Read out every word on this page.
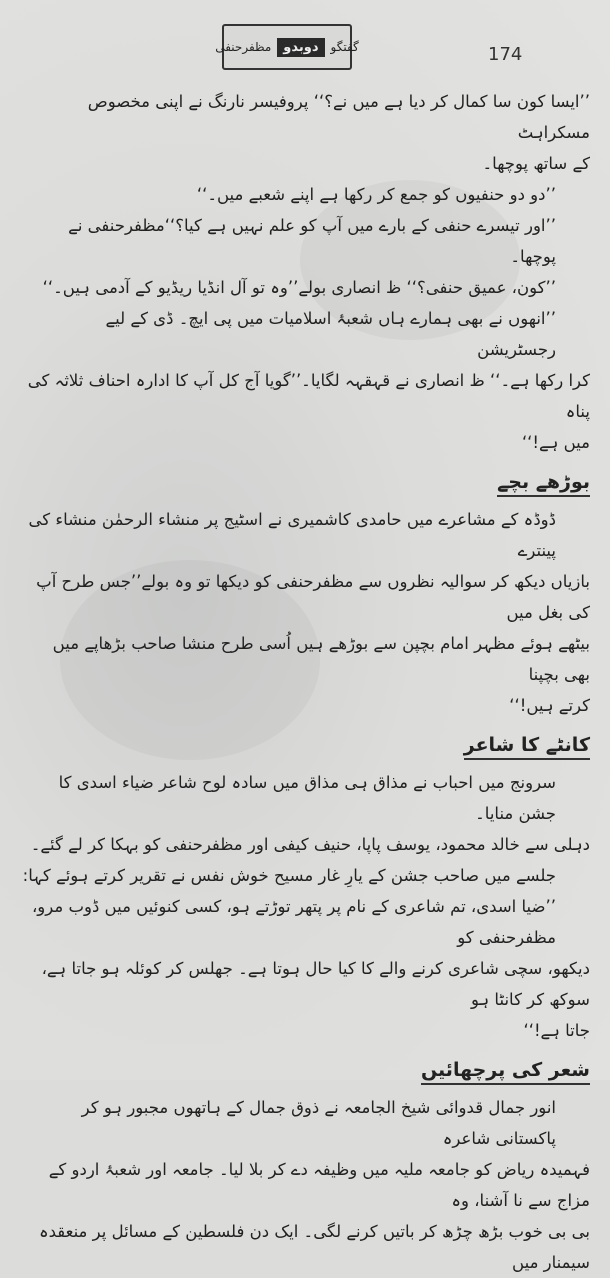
گفتگو
دوبدو
مظفرحنفی	174

’’ایسا کون سا کمال کر دیا ہے میں نے؟‘‘ پروفیسر نارنگ نے اپنی مخصوص مسکراہٹ

کے ساتھ پوچھا۔

’’دو دو حنفیوں کو جمع کر رکھا ہے اپنے شعبے میں۔‘‘

’’اور تیسرے حنفی کے بارے میں آپ کو علم نہیں ہے کیا؟‘‘مظفرحنفی نے پوچھا۔

’’کون، عمیق حنفی؟‘‘ ظ انصاری بولے’’وہ تو آل انڈیا ریڈیو کے آدمی ہیں۔‘‘

’’انھوں نے بھی ہمارے ہاں شعبۂ اسلامیات میں پی ایچ۔ ڈی کے لیے رجسٹریشن

کرا رکھا ہے۔‘‘ ظ انصاری نے قہقہہ لگایا۔’’گویا آج کل آپ کا ادارہ احناف ثلاثہ کی پناہ

میں ہے!‘‘

بوڑھے بچے

ڈوڈہ کے مشاعرے میں حامدی کاشمیری نے اسٹیج پر منشاء الرحمٰن منشاء کی پینترے

بازیاں دیکھ کر سوالیہ نظروں سے مظفرحنفی کو دیکھا تو وہ بولے’’جس طرح آپ کی بغل میں

بیٹھے ہوئے مظہر امام بچپن سے بوڑھے ہیں اُسی طرح منشا صاحب بڑھاپے میں بھی بچپنا

کرتے ہیں!‘‘

کانٹے کا شاعر

سرونج میں احباب نے مذاق ہی مذاق میں سادہ لوح شاعر ضیاء اسدی کا جشن منایا۔

دہلی سے خالد محمود، یوسف پاپا، حنیف کیفی اور مظفرحنفی کو بہکا کر لے گئے۔

جلسے میں صاحب جشن کے یارِ غار مسیح خوش نفس نے تقریر کرتے ہوئے کہا:

’’ضیا اسدی، تم شاعری کے نام پر پتھر توڑتے ہو، کسی کنوئیں میں ڈوب مرو، مظفرحنفی کو

دیکھو، سچی شاعری کرنے والے کا کیا حال ہوتا ہے۔ جھلس کر کوئلہ ہو جاتا ہے، سوکھ کر کانٹا ہو

جاتا ہے!‘‘

شعر کی پرچھائیں

انور جمال قدوائی شیخ الجامعہ نے ذوق جمال کے ہاتھوں مجبور ہو کر پاکستانی شاعرہ

فہمیدہ ریاض کو جامعہ ملیہ میں وظیفہ دے کر بلا لیا۔ جامعہ اور شعبۂ اردو کے مزاج سے نا آشنا، وہ

بی بی خوب بڑھ چڑھ کر باتیں کرنے لگی۔ ایک دن فلسطین کے مسائل پر منعقدہ سیمنار میں
